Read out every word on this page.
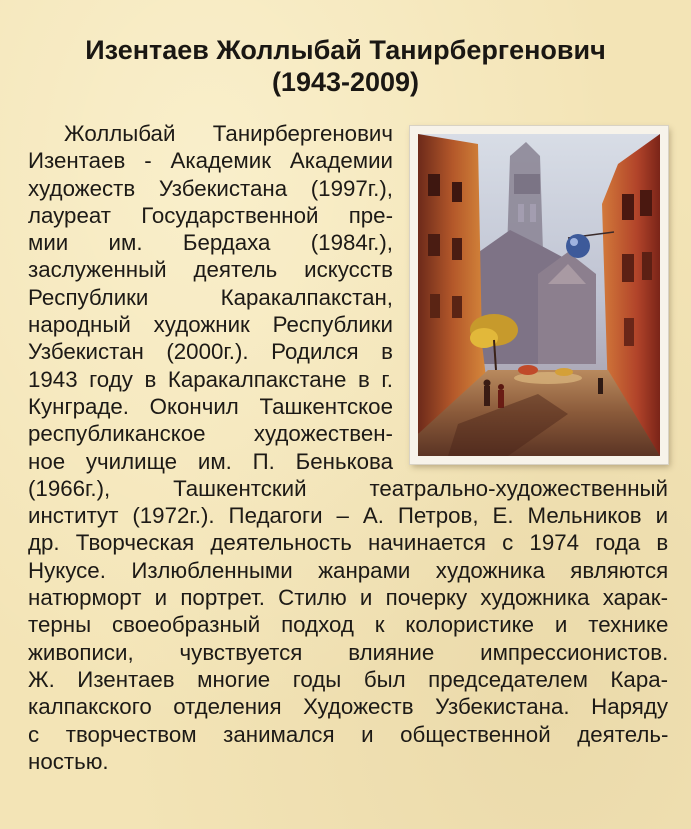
Изентаев Жоллыбай Танирбергенович
(1943-2009)
Жоллыбай Танирбергенович
Изентаев - Академик Академии
художеств Узбекистана (1997г.),
лауреат Государственной пре-
мии им. Бердаха (1984г.),
заслуженный деятель искусств
Республики Каракалпакстан,
народный художник Республики
Узбекистан (2000г.). Родился в
1943 году в Каракалпакстане в г.
Кунграде. Окончил Ташкентское
республиканское художествен-
ное училище им. П. Бенькова
(1966г.), Ташкентский театрально-художественный
институт (1972г.). Педагоги – А. Петров, Е. Мельников и
др. Творческая деятельность начинается с 1974 года в
Нукусе. Излюбленными жанрами художника являются
натюрморт и портрет. Стилю и почерку художника харак-
терны своеобразный подход к колористике и технике
живописи, чувствуется влияние импрессионистов.
Ж. Изентаев многие годы был председателем Кара-
калпакского отделения Художеств Узбекистана. Наряду
с творчеством занимался и общественной деятель-
ностью.
